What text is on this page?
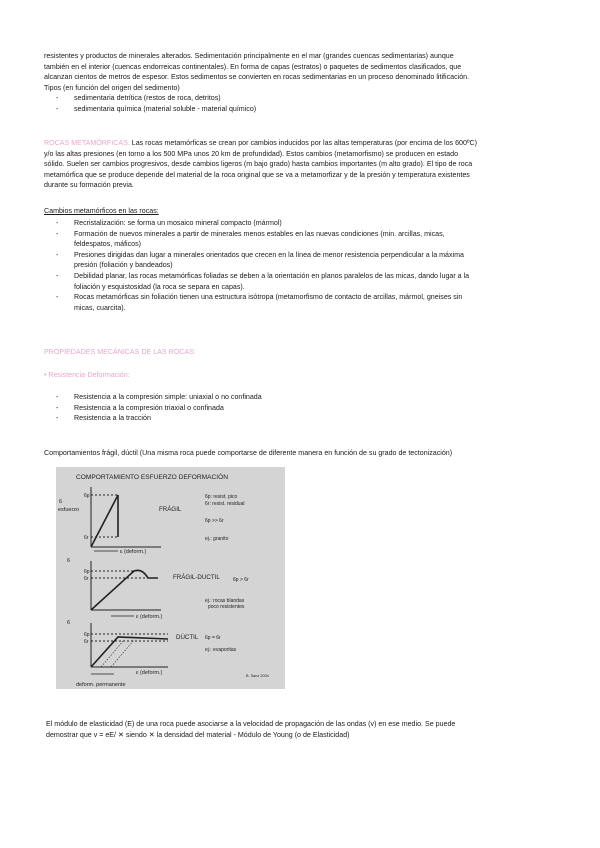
resistentes y productos de minerales alterados. Sedimentación principalmente en el mar (grandes cuencas sedimentarias) aunque
también en el interior (cuencas endorreicas continentales). En forma de capas (estratos) o paquetes de sedimentos clasificados, que
alcanzan cientos de metros de espesor. Estos sedimentos se convierten en rocas sedimentarias en un proceso denominado litificación.
Tipos (en función del origen del sedimento)
- sedimentaria detrítica (restos de roca, detritos)
- sedimentaria química (material soluble - material químico)
ROCAS METAMÓRFICAS: Las rocas metamórficas se crean por cambios inducidos por las altas temperaturas (por encima de los 600ºC)
y/o las altas presiones (en torno a los 500 MPa unos 20 km de profundidad). Estos cambios (metamorfismo) se producen en estado
sólido. Suelen ser cambios progresivos, desde cambios ligeros (m bajo grado) hasta cambios importantes (m alto grado). El tipo de roca
metamórfica que se produce depende del material de la roca original que se va a metamorfizar y de la presión y temperatura existentes
durante su formación previa.
Cambios metamórficos en las rocas:
- Recristalización: se forma un mosaico mineral compacto (mármol)
- Formación de nuevos minerales a partir de minerales menos estables en las nuevas condiciones (min. arcillas, micas,
feldespatos, máficos)
- Presiones dirigidas dan lugar a minerales orientados que crecen en la línea de menor resistencia perpendicular a la máxima
presión (foliación y bandeados)
- Debilidad planar, las rocas metamórficas foliadas se deben a la orientación en planos paralelos de las micas, dando lugar a la
foliación y esquistosidad (la roca se separa en capas).
- Rocas metamórficas sin foliación tienen una estructura isótropa (metamorfismo de contacto de arcillas, mármol, gneises sin
micas, cuarcita).
PROPIEDADES MECÁNICAS DE LAS ROCAS:
• Resistencia-Deformación:
- Resistencia a la compresión simple: uniaxial o no confinada
- Resistencia a la compresión triaxial o confinada
- Resistencia a la tracción
Comportamientos frágil, dúctil (Una misma roca puede comportarse de diferente manera en función de su grado de tectonización)
COMPORTAMIENTO ESFUERZO DEFORMACIÓN
6
esfuerzo
6p
6r
ε (deform.)
FRÁGIL
6p: resist. pico
6r: resist. residual
6p >> 6r
ej.: granito
6
6p
6r
ε (deform.)
FRÁGIL-DUCTIL	6p > 6r
ej.: rocas blandas
poco resistentes
6
6p
6r
ε (deform.)
DÚCTIL 6p = 6r
ej.: evaporitas
deform. permanente
B. Sanz 2004
El módulo de elasticidad (E) de una roca puede asociarse a la velocidad de propagación de las ondas (v) en ese medio. Se puede
demostrar que v = eE/ ✕ siendo ✕ la densidad del material - Módulo de Young (o de Elasticidad)
